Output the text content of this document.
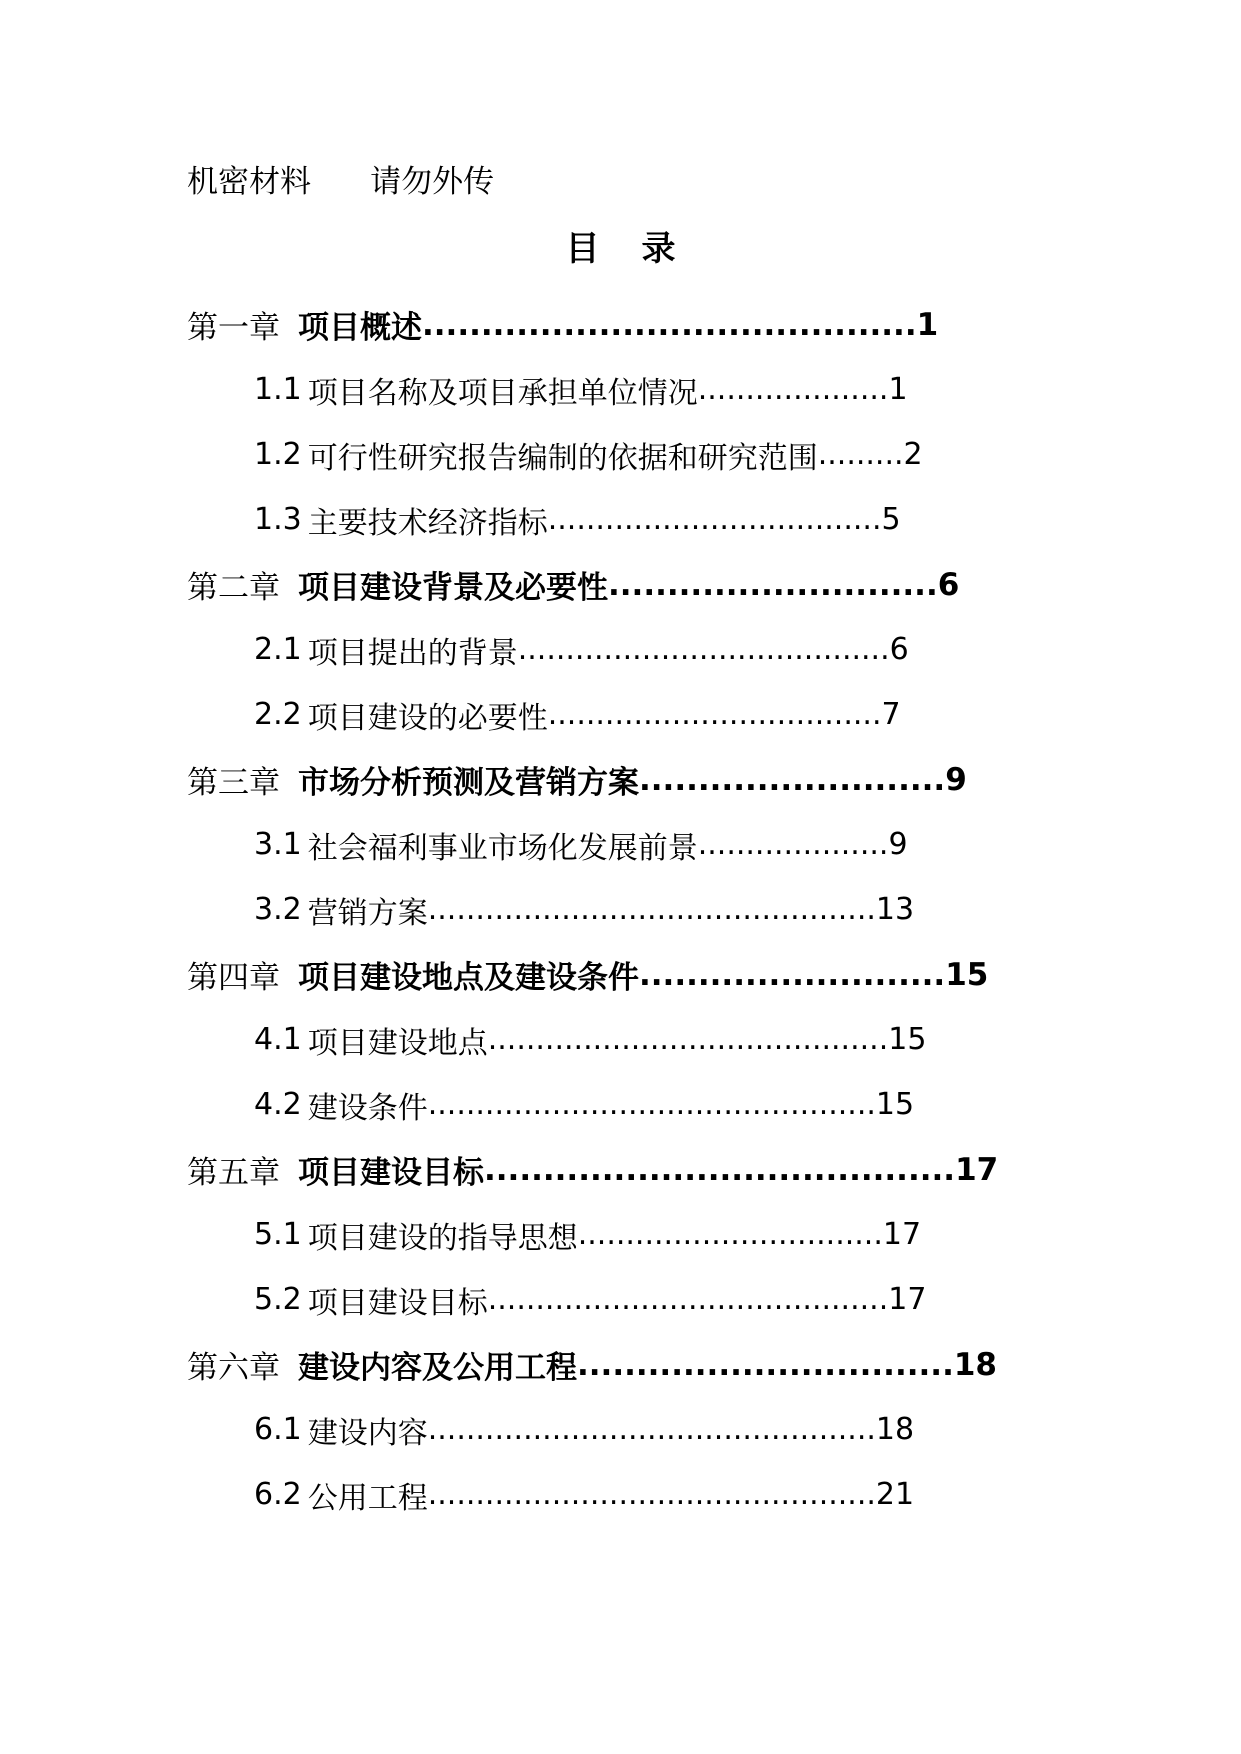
机密材料      请勿外传
目 录
第一章 项目概述 .......................................... 1
1.1 项目名称及项目承担单位情况 .................... 1
1.2 可行性研究报告编制的依据和研究范围 ......... 2
1.3 主要技术经济指标 ................................... 5
第二章 项目建设背景及必要性 ............................ 6
2.1 项目提出的背景 ....................................... 6
2.2 项目建设的必要性 ................................... 7
第三章 市场分析预测及营销方案 .......................... 9
3.1 社会福利事业市场化发展前景 .................... 9
3.2 营销方案 ............................................... 13
第四章 项目建设地点及建设条件 .......................... 15
4.1 项目建设地点 .......................................... 15
4.2 建设条件 ............................................... 15
第五章 项目建设目标 ........................................ 17
5.1 项目建设的指导思想 ................................ 17
5.2 项目建设目标 .......................................... 17
第六章 建设内容及公用工程 ................................ 18
6.1 建设内容 ............................................... 18
6.2 公用工程 ............................................... 21
